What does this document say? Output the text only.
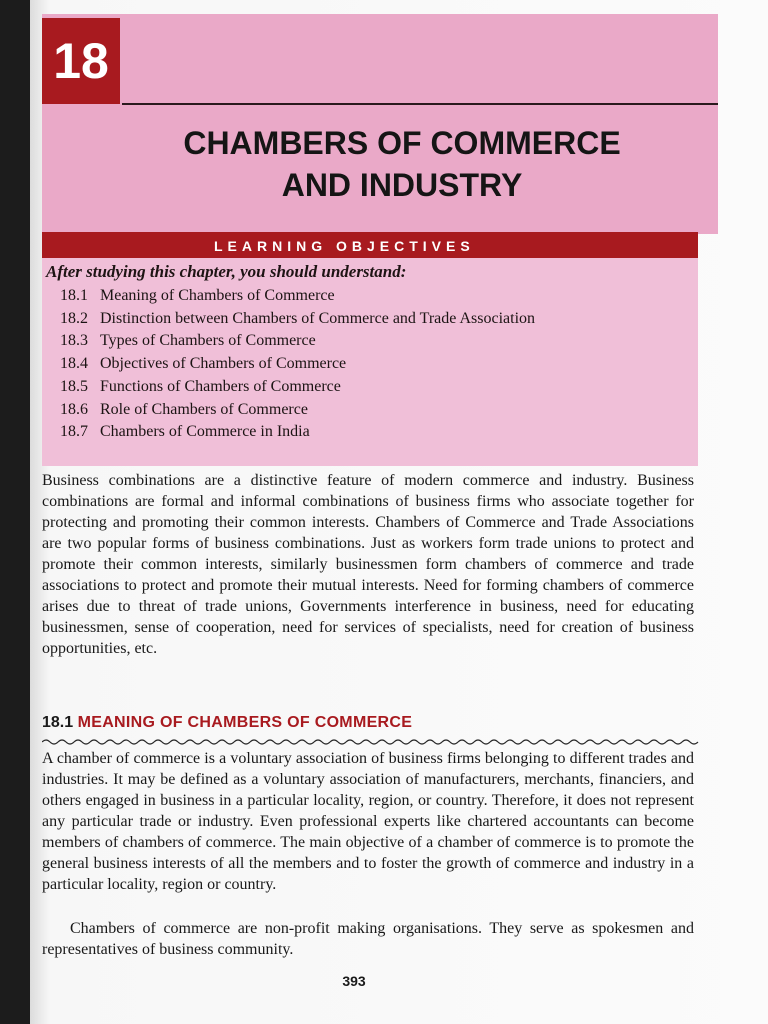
18
CHAMBERS OF COMMERCE
AND INDUSTRY
LEARNING OBJECTIVES
After studying this chapter, you should understand:
18.1 Meaning of Chambers of Commerce
18.2 Distinction between Chambers of Commerce and Trade Association
18.3 Types of Chambers of Commerce
18.4 Objectives of Chambers of Commerce
18.5 Functions of Chambers of Commerce
18.6 Role of Chambers of Commerce
18.7 Chambers of Commerce in India

Business combinations are a distinctive feature of modern commerce and industry. Business combinations are formal and informal combinations of business firms who associate together for protecting and promoting their common interests. Chambers of Commerce and Trade Associations are two popular forms of business combinations. Just as workers form trade unions to protect and promote their common interests, similarly businessmen form chambers of commerce and trade associations to protect and promote their mutual interests. Need for forming chambers of commerce arises due to threat of trade unions, Governments interference in business, need for educating businessmen, sense of cooperation, need for services of specialists, need for creation of business opportunities, etc.

18.1 MEANING OF CHAMBERS OF COMMERCE

A chamber of commerce is a voluntary association of business firms belonging to different trades and industries. It may be defined as a voluntary association of manufacturers, merchants, financiers, and others engaged in business in a particular locality, region, or country. Therefore, it does not represent any particular trade or industry. Even professional experts like chartered accountants can become members of chambers of commerce. The main objective of a chamber of commerce is to promote the general business interests of all the members and to foster the growth of commerce and industry in a particular locality, region or country.

Chambers of commerce are non-profit making organisations. They serve as spokesmen and representatives of business community.

393
